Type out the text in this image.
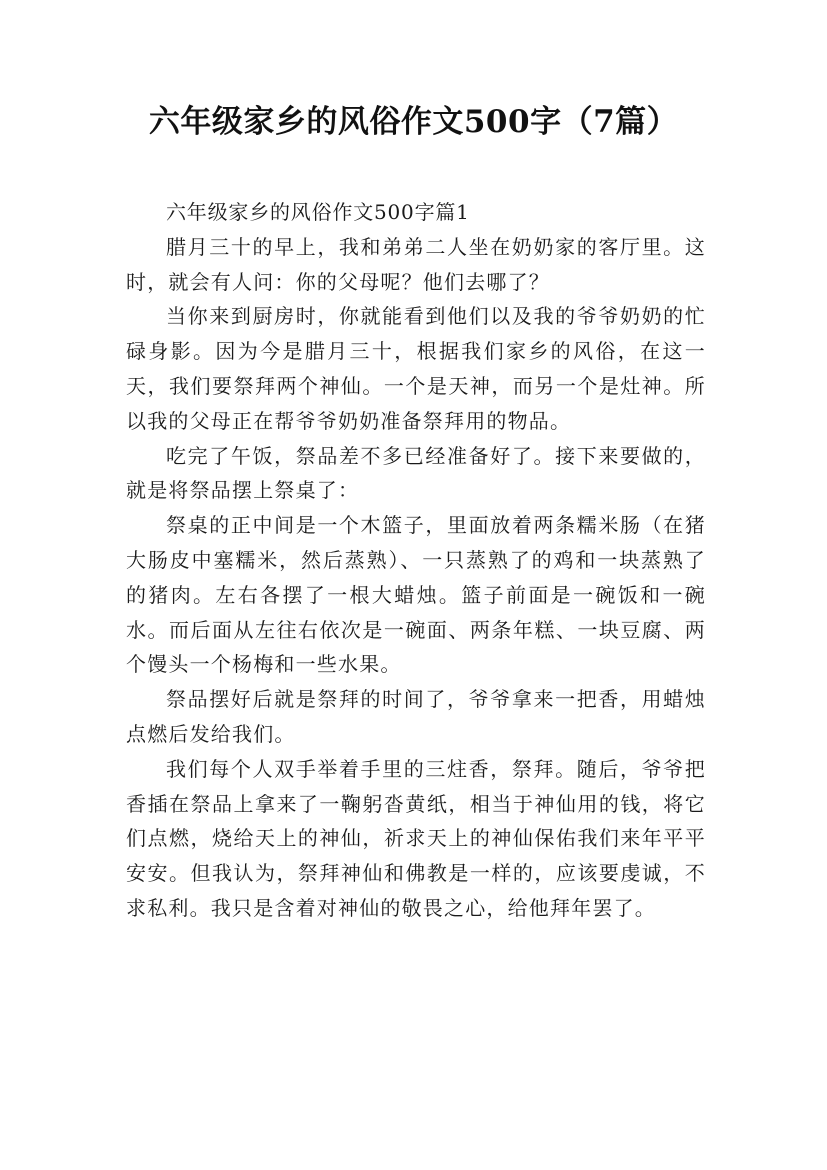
六年级家乡的风俗作文500字（7篇）

六年级家乡的风俗作文500字篇1

腊月三十的早上，我和弟弟二人坐在奶奶家的客厅里。这时，就会有人问：你的父母呢？他们去哪了？

当你来到厨房时，你就能看到他们以及我的爷爷奶奶的忙碌身影。因为今是腊月三十，根据我们家乡的风俗，在这一天，我们要祭拜两个神仙。一个是天神，而另一个是灶神。所以我的父母正在帮爷爷奶奶准备祭拜用的物品。

吃完了午饭，祭品差不多已经准备好了。接下来要做的，就是将祭品摆上祭桌了：

祭桌的正中间是一个木篮子，里面放着两条糯米肠（在猪大肠皮中塞糯米，然后蒸熟）、一只蒸熟了的鸡和一块蒸熟了的猪肉。左右各摆了一根大蜡烛。篮子前面是一碗饭和一碗水。而后面从左往右依次是一碗面、两条年糕、一块豆腐、两个馒头一个杨梅和一些水果。

祭品摆好后就是祭拜的时间了，爷爷拿来一把香，用蜡烛点燃后发给我们。

我们每个人双手举着手里的三炷香，祭拜。随后，爷爷把香插在祭品上拿来了一鞠躬沓黄纸，相当于神仙用的钱，将它们点燃，烧给天上的神仙，祈求天上的神仙保佑我们来年平平安安。但我认为，祭拜神仙和佛教是一样的，应该要虔诚，不求私利。我只是含着对神仙的敬畏之心，给他拜年罢了。
